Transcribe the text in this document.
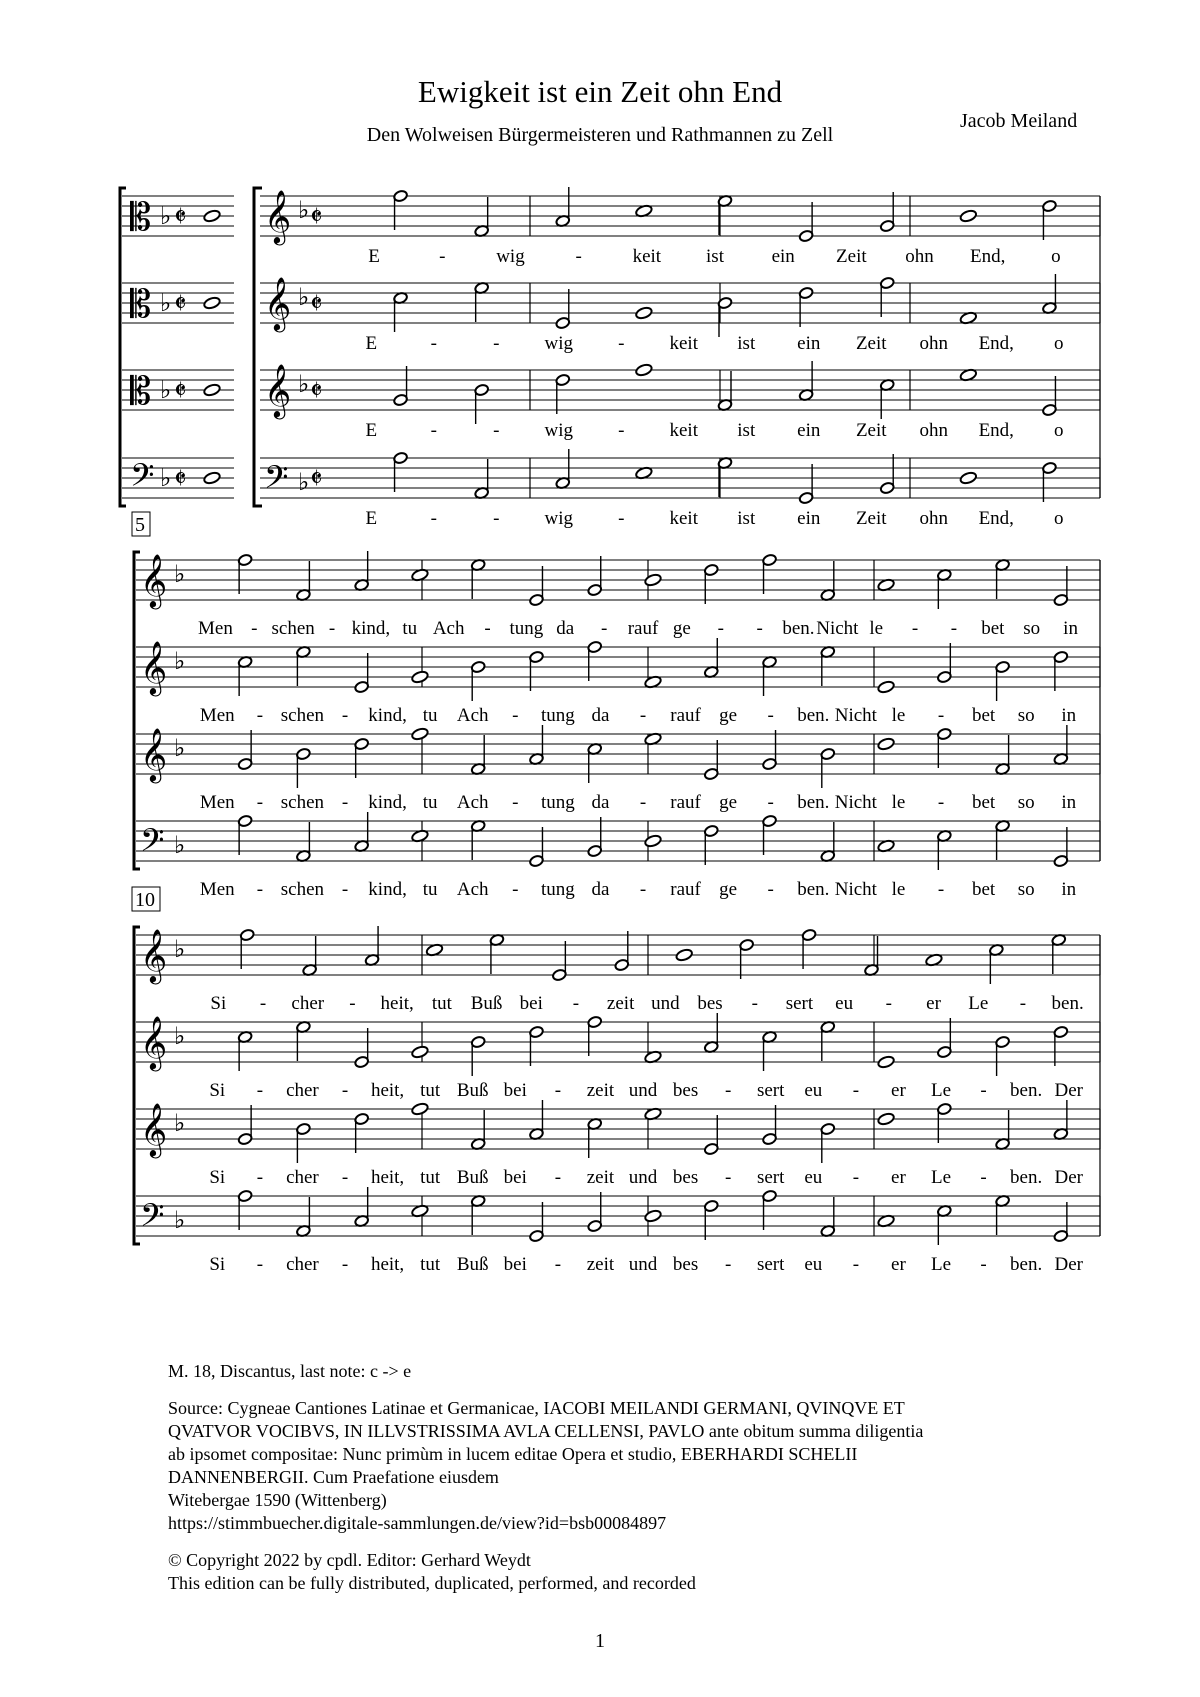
Ewigkeit ist ein Zeit ohn End
Den Wolweisen Bürgermeisteren und Rathmannen zu Zell
Jacob Meiland
𝄡 ♭ 𝄵 𝄞 ♭ 𝄵
𝄡 ♭ 𝄵 𝄞 ♭ 𝄵
𝄡 ♭ 𝄵 𝄞 ♭ 𝄵
𝄢 ♭ 𝄵 𝄢 ♭ 𝄵
𝄞 ♭
𝄞 ♭
𝄞 ♭
𝄢 ♭
𝄞 ♭
𝄞 ♭
𝄞 ♭
𝄢 ♭
5
10
E	-	wig	-	keit ist	ein Zeit ohn End, o
E	-	- wig - keit ist ein Zeit ohn End, o
E	-	- wig - keit ist ein Zeit ohn End, o
E	-	- wig - keit ist ein Zeit ohn End, o
Men - schen - kind, tu Ach - tung da - rauf ge - - ben. Nicht le - - bet so in
Men - schen - kind, tu Ach - tung da - rauf ge - ben. Nicht le - bet so in
Men - schen - kind, tu Ach - tung da - rauf ge - ben. Nicht le - bet so in
Men - schen - kind, tu Ach - tung da - rauf ge - ben. Nicht le - bet so in
Si - cher - heit, tut Buß bei - zeit und bes - sert eu - er Le - ben.
Si - cher - heit, tut Buß bei - zeit und bes - sert eu - er Le - ben. Der
Si - cher - heit, tut Buß bei - zeit und bes - sert eu - er Le - ben. Der
Si - cher - heit, tut Buß bei - zeit und bes - sert eu - er Le - ben. Der

M. 18, Discantus, last note: c -> e

Source: Cygneae Cantiones Latinae et Germanicae, IACOBI MEILANDI GERMANI, QVINQVE ET
QVATVOR VOCIBVS, IN ILLVSTRISSIMA AVLA CELLENSI, PAVLO ante obitum summa diligentia
ab ipsomet compositae: Nunc primùm in lucem editae Opera et studio, EBERHARDI SCHELII
DANNENBERGII. Cum Praefatione eiusdem
Witebergae 1590 (Wittenberg)
https://stimmbuecher.digitale-sammlungen.de/view?id=bsb00084897

© Copyright 2022 by cpdl. Editor: Gerhard Weydt
This edition can be fully distributed, duplicated, performed, and recorded

1
